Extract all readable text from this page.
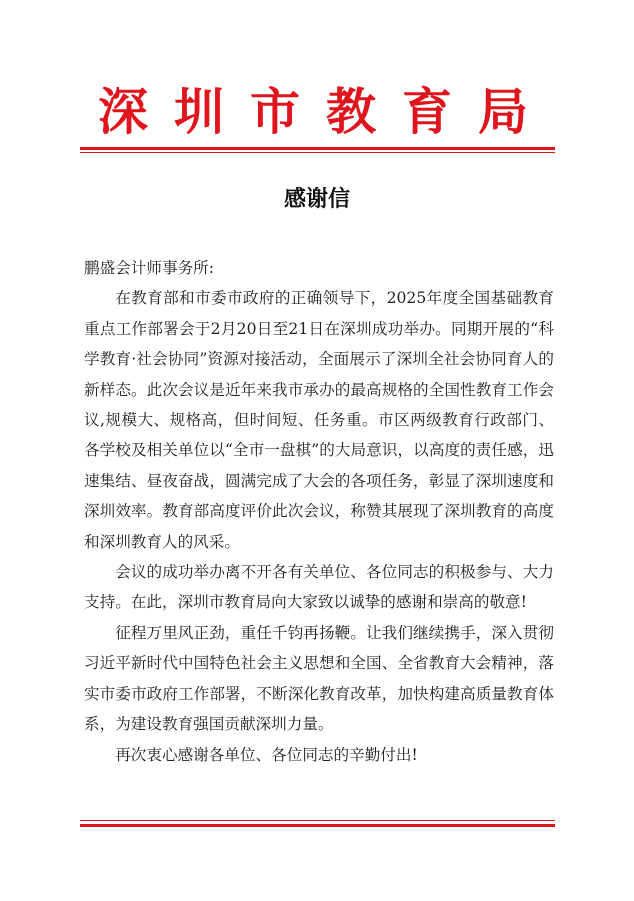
深圳市教育局
感谢信

鹏盛会计师事务所:

在教育部和市委市政府的正确领导下，2025年度全国基础教育重点工作部署会于2月20日至21日在深圳成功举办。同期开展的“科学教育·社会协同”资源对接活动，全面展示了深圳全社会协同育人的新样态。此次会议是近年来我市承办的最高规格的全国性教育工作会议,规模大、规格高，但时间短、任务重。市区两级教育行政部门、各学校及相关单位以“全市一盘棋”的大局意识，以高度的责任感，迅速集结、昼夜奋战，圆满完成了大会的各项任务，彰显了深圳速度和深圳效率。教育部高度评价此次会议，称赞其展现了深圳教育的高度和深圳教育人的风采。

会议的成功举办离不开各有关单位、各位同志的积极参与、大力支持。在此，深圳市教育局向大家致以诚挚的感谢和崇高的敬意!

征程万里风正劲，重任千钧再扬鞭。让我们继续携手，深入贯彻习近平新时代中国特色社会主义思想和全国、全省教育大会精神，落实市委市政府工作部署，不断深化教育改革，加快构建高质量教育体系，为建设教育强国贡献深圳力量。

再次衷心感谢各单位、各位同志的辛勤付出!
